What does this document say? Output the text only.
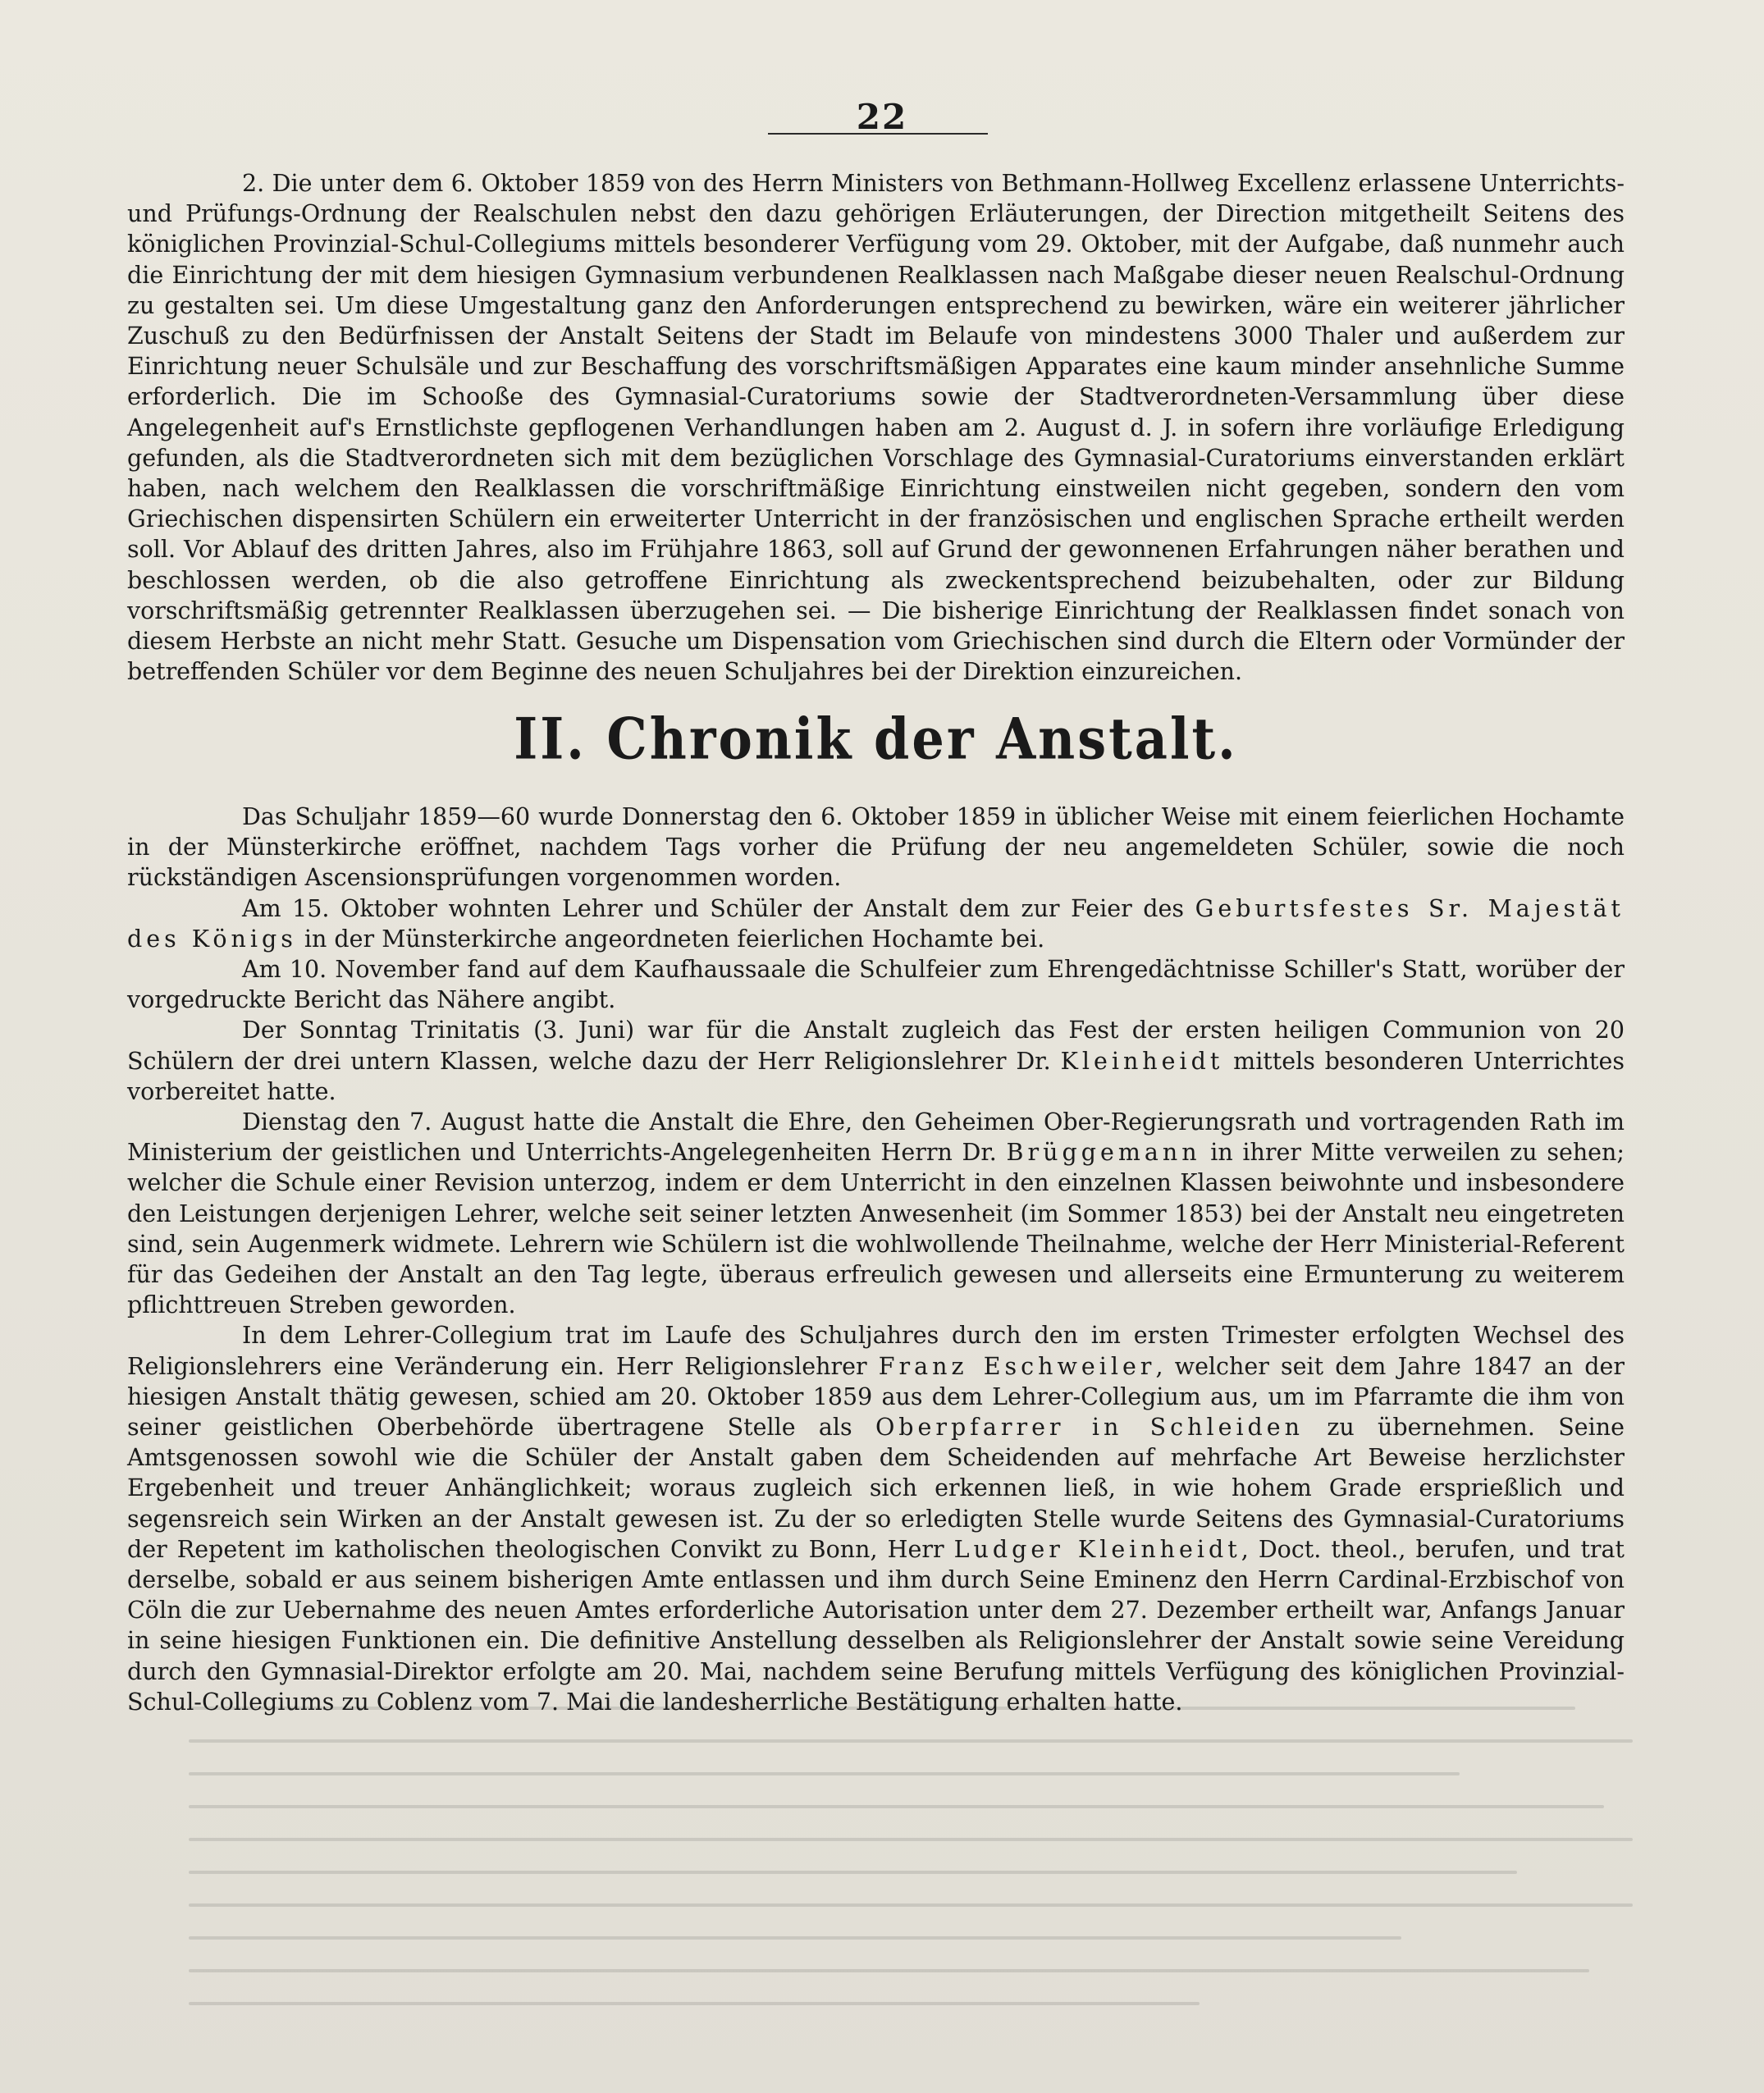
22

2. Die unter dem 6. Oktober 1859 von des Herrn Ministers von Bethmann-Hollweg Excellenz erlassene Unterrichts- und Prüfungs-Ordnung der Realschulen nebst den dazu gehörigen Erläuterungen, der Direction mitgetheilt Seitens des königlichen Provinzial-Schul-Collegiums mittels besonderer Verfügung vom 29. Oktober, mit der Aufgabe, daß nunmehr auch die Einrichtung der mit dem hiesigen Gymnasium verbundenen Realklassen nach Maßgabe dieser neuen Realschul-Ordnung zu gestalten sei. Um diese Umgestaltung ganz den Anforderungen entsprechend zu bewirken, wäre ein weiterer jährlicher Zuschuß zu den Bedürfnissen der Anstalt Seitens der Stadt im Belaufe von mindestens 3000 Thaler und außerdem zur Einrichtung neuer Schulsäle und zur Beschaffung des vorschriftsmäßigen Apparates eine kaum minder ansehnliche Summe erforderlich. Die im Schooße des Gymnasial-Curatoriums sowie der Stadtverordneten-Versammlung über diese Angelegenheit auf's Ernstlichste gepflogenen Verhandlungen haben am 2. August d. J. in sofern ihre vorläufige Erledigung gefunden, als die Stadtverordneten sich mit dem bezüglichen Vorschlage des Gymnasial-Curatoriums einverstanden erklärt haben, nach welchem den Realklassen die vorschriftmäßige Einrichtung einstweilen nicht gegeben, sondern den vom Griechischen dispensirten Schülern ein erweiterter Unterricht in der französischen und englischen Sprache ertheilt werden soll. Vor Ablauf des dritten Jahres, also im Frühjahre 1863, soll auf Grund der gewonnenen Erfahrungen näher berathen und beschlossen werden, ob die also getroffene Einrichtung als zweckentsprechend beizubehalten, oder zur Bildung vorschriftsmäßig getrennter Realklassen überzugehen sei. — Die bisherige Einrichtung der Realklassen findet sonach von diesem Herbste an nicht mehr Statt. Gesuche um Dispensation vom Griechischen sind durch die Eltern oder Vormünder der betreffenden Schüler vor dem Beginne des neuen Schuljahres bei der Direktion einzureichen.

II. Chronik der Anstalt.

Das Schuljahr 1859—60 wurde Donnerstag den 6. Oktober 1859 in üblicher Weise mit einem feierlichen Hochamte in der Münsterkirche eröffnet, nachdem Tags vorher die Prüfung der neu angemeldeten Schüler, sowie die noch rückständigen Ascensionsprüfungen vorgenommen worden.

Am 15. Oktober wohnten Lehrer und Schüler der Anstalt dem zur Feier des Geburtsfestes Sr. Majestät des Königs in der Münsterkirche angeordneten feierlichen Hochamte bei.

Am 10. November fand auf dem Kaufhaussaale die Schulfeier zum Ehrengedächtnisse Schiller's Statt, worüber der vorgedruckte Bericht das Nähere angibt.

Der Sonntag Trinitatis (3. Juni) war für die Anstalt zugleich das Fest der ersten heiligen Communion von 20 Schülern der drei untern Klassen, welche dazu der Herr Religionslehrer Dr. Kleinheidt mittels besonderen Unterrichtes vorbereitet hatte.

Dienstag den 7. August hatte die Anstalt die Ehre, den Geheimen Ober-Regierungsrath und vortragenden Rath im Ministerium der geistlichen und Unterrichts-Angelegenheiten Herrn Dr. Brüggemann in ihrer Mitte verweilen zu sehen; welcher die Schule einer Revision unterzog, indem er dem Unterricht in den einzelnen Klassen beiwohnte und insbesondere den Leistungen derjenigen Lehrer, welche seit seiner letzten Anwesenheit (im Sommer 1853) bei der Anstalt neu eingetreten sind, sein Augenmerk widmete. Lehrern wie Schülern ist die wohlwollende Theilnahme, welche der Herr Ministerial-Referent für das Gedeihen der Anstalt an den Tag legte, überaus erfreulich gewesen und allerseits eine Ermunterung zu weiterem pflichttreuen Streben geworden.

In dem Lehrer-Collegium trat im Laufe des Schuljahres durch den im ersten Trimester erfolgten Wechsel des Religionslehrers eine Veränderung ein. Herr Religionslehrer Franz Eschweiler, welcher seit dem Jahre 1847 an der hiesigen Anstalt thätig gewesen, schied am 20. Oktober 1859 aus dem Lehrer-Collegium aus, um im Pfarramte die ihm von seiner geistlichen Oberbehörde übertragene Stelle als Oberpfarrer in Schleiden zu übernehmen. Seine Amtsgenossen sowohl wie die Schüler der Anstalt gaben dem Scheidenden auf mehrfache Art Beweise herzlichster Ergebenheit und treuer Anhänglichkeit; woraus zugleich sich erkennen ließ, in wie hohem Grade ersprießlich und segensreich sein Wirken an der Anstalt gewesen ist. Zu der so erledigten Stelle wurde Seitens des Gymnasial-Curatoriums der Repetent im katholischen theologischen Convikt zu Bonn, Herr Ludger Kleinheidt, Doct. theol., berufen, und trat derselbe, sobald er aus seinem bisherigen Amte entlassen und ihm durch Seine Eminenz den Herrn Cardinal-Erzbischof von Cöln die zur Uebernahme des neuen Amtes erforderliche Autorisation unter dem 27. Dezember ertheilt war, Anfangs Januar in seine hiesigen Funktionen ein. Die definitive Anstellung desselben als Religionslehrer der Anstalt sowie seine Vereidung durch den Gymnasial-Direktor erfolgte am 20. Mai, nachdem seine Berufung mittels Verfügung des königlichen Provinzial-Schul-Collegiums zu Coblenz vom 7. Mai die landesherrliche Bestätigung erhalten hatte.
